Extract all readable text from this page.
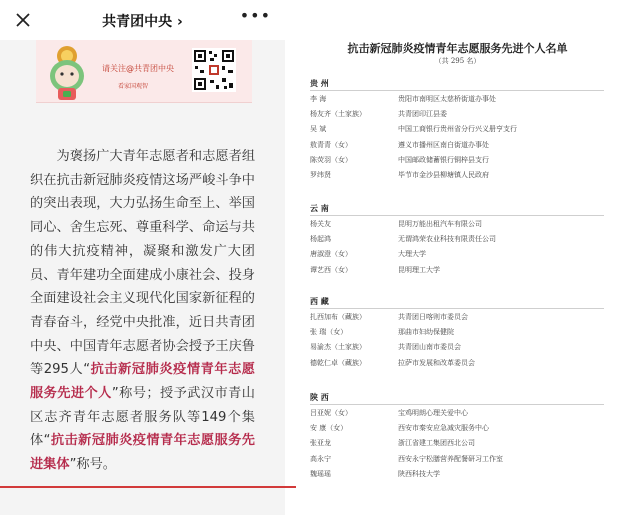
共青团中央 ›	•••
请关注@共青团中央
看家国观智

　　为褒扬广大青年志愿者和志愿者组织在抗击新冠肺炎疫情这场严峻斗争中的突出表现，大力弘扬生命至上、举国同心、舍生忘死、尊重科学、命运与共的伟大抗疫精神，凝聚和激发广大团员、青年建功全面建成小康社会、投身全面建设社会主义现代化国家新征程的青春奋斗，经党中央批准，近日共青团中央、中国青年志愿者协会授予王庆鲁等295人“抗击新冠肺炎疫情青年志愿服务先进个人”称号；授予武汉市青山区志齐青年志愿者服务队等149个集体“抗击新冠肺炎疫情青年志愿服务先进集体”称号。

抗击新冠肺炎疫情青年志愿服务先进个人名单
（共 295 名）
贵 州
李 海	贵阳市南明区太慈桥街道办事处
杨友齐（土家族）	共青团印江县委
吴 斌	中国工商银行贵州省分行兴义册亨支行
敖青青（女）	遵义市播州区南白街道办事处
陈荧羽（女）	中国邮政储蓄银行铜梓县支行
罗纬贤	毕节市金沙县柳塘镇人民政府
云 南
杨关友	昆明万能出租汽车有限公司
杨起鸿	无谓鸿荣农业科技有限责任公司
唐淑澄（女）	大理大学
谭艺西（女）	昆明理工大学
西 藏
扎西加布（藏族）	共青团日喀则市委员会
张 瑞（女）	那曲市妇幼保健院
易渝杰（土家族）	共青团山南市委员会
德乾仁卓（藏族）	拉萨市发展和改革委员会
陕 西
吕亚妮（女）	宝鸡明朗心理关爱中心
安 康（女）	西安市秦安应急减灾服务中心
张亚龙	浙江省建工集团西北公司
高永宁	西安永宁松膳营养配餐研习工作室
魏瑶瑶	陕西科技大学
